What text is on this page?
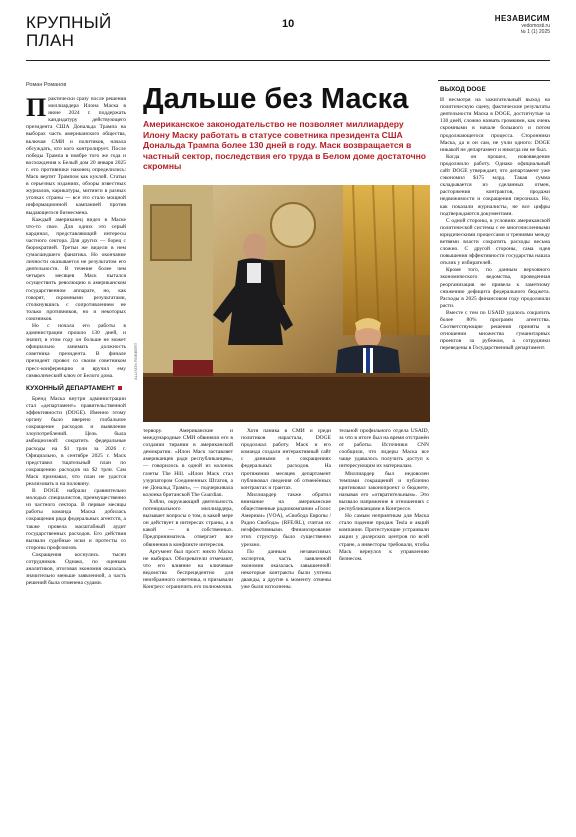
КРУПНЫЙ
ПЛАН
10	НЕЗАВИСИМ
vedomosti.ru
№ 1 (1) 2025
Роман Романов	Дальше без Маска
Американское законодательство не позволяет миллиардеру Илону Маску работать в статусе советника президента США Дональда Трампа более 130 дней в году. Маск возвращается в частный сектор, последствия его труда в Белом доме достаточно скромны
ALLISON ROBBERT

Практически сразу после решения миллиардера Илона Маска в июне 2024 г. поддержать кандидатуру действующего президента США Дональда Трампа на выборах часть американского общества, включая СМИ и политиков, начала обсуждать, кто кого контролирует. После победы Трампа в ноябре того же года и восхождения к Белый дом 20 января 2025 г. его противники наконец определились: Маск вертит Трампом как куклой. Статьи в серьезных изданиях, обзоры известных журналов, карикатуры, митинги в разных уголках страны — все это стало мощной информационной кампанией против выдающегося бизнесмена.

Каждый американец видел в Маске что-то свое. Для одних это серый кардинал, представляющий интересы частного сектора. Для других — борец с бюрократией. Третьи же видели в нем сумасшедшего фанатика. Но окончание личности оказывается не результатом его деятельности. В течение более чем четырех месяцев Маск пытался осуществить революцию в американском государственном аппарате, но, как говорят, скромными результатами, столкнувшись с сопротивлением не только противников, но и некоторых союзников.

Но с ночала его работы в администрации прошло 130 дней, и значит, в этом году он больше не может официально занимать должность советника президента. В финале президент провел со своим советником пресс-конференцию и вручил ему символический ключ от Белого дома.

КУХОННЫЙ ДЕПАРТАМЕНТ

Бренд Маска внутри администрации стал «департамент» правительственной эффективности (DOGE). Именно этому органу было вверено глобальное сокращение расходов и выявление злоупотреблений. Цель была амбициозной: сократить федеральные расходы на $1 трлн за 2026 г. Официально, в сентябре 2025 г. Маск представил тщательный план по сокращению расходов на $2 трлн. Сам Маск признавал, что план не удастся реализовать и на половину.

В DOGE набрали сравнительно молодых специалистов, преимущественно из частного сектора. В первые месяцы работы команда Маска добилась сокращения ряда федеральных агентств, а также провела масштабный аудит государственных расходов. Его действия вызвали судебные иски и протесты со стороны профсоюзов.

Сокращения коснулись тысяч сотрудников. Однако, по оценкам аналитиков, итоговая экономия оказалась значительно меньше заявленной, а часть решений была отменена судами.

тервору. Американские и международные СМИ обвиняли его в создании тирании в американской демократии. «Илон Маск заставляет американцев ради республиканцев», — говорилось в одной из колонок газеты The Hill. «Илон Маск стал узурпатором Соединенных Штатов, а не Дональд Трамп», — подчеркивала колонка британской The Guardian.

Хэйли, окружающий деятельность потенциального миллиардера, вызывает вопросы о том, в какой мере он действует в интересах страны, а в какой — в собственных. Предприниматель отвергает все обвинения в конфликте интересов.

Аргумент был прост: никто Маска не выбирал. Обозреватели отмечают, что его влияние на ключевые ведомства беспрецедентно для неизбранного советника, и призывали Конгресс ограничить его полномочия.

Хотя паника в СМИ и среди политиков нарастала, DOGE продолжал работу. Маск и его команда создали интерактивный сайт с данными о сокращениях федеральных расходов. На протяжении месяцев департамент публиковал сведения об отменённых контрактах и грантах.

Миллиардер также обратил внимание на американские общественные радиокомпании «Голос Америки» (VOA), «Свобода Европы / Радио Свобода» (RFE/RL), считая их неэффективными. Финансирование этих структур было существенно урезано.

По данным независимых экспертов, часть заявленной экономии оказалась завышенной: некоторые контракты были учтены дважды, а другие к моменту отмены уже были исполнены.

тельной профильного отдела USAID, за что в итоге был на время отстранён от работы. Источники CNN сообщили, что лидеры Маска все чаще удавалось получить доступ к интересующим их материалам.

Миллиардер был недоволен темпами сокращений и публично критиковал законопроект о бюджете, называя его «отвратительным». Это вызвало напряжение в отношениях с республиканцами в Конгрессе.

Но самым неприятным для Маска стало падение продаж Tesla и акций компании. Протестующие устраивали акции у дилерских центров по всей стране, а инвесторы требовали, чтобы Маск вернулся к управлению бизнесом.

ВЫХОД DOGE

И несмотря на зажигательный выход на политическую сцену, фактические результаты деятельности Маска в DOGE, достигнутые за 130 дней, сложно назвать громкими, как очень скромными в начале большого и потом продолжающегося процесса. Сторонники Маска, да и он сам, не учли одного: DOGE никакой не департамент и никогда им не был.

Когда он прошел, нововведение продолжило работу. Однако официальный сайт DOGE утверждает, что департамент уже сэкономил $175 млрд. Такая сумма складывается из сделанных отмен, расторжения контрактов, продажи недвижимости и сокращения персонала. Но, как показали журналисты, не все цифры подтверждаются документами.

С одной стороны, в условиях американской политической системы с ее многочисленными юридическими процессами и трениями между ветвями власти сократить расходы весьма сложно. С другой стороны, сама идея повышения эффективности государства нашла отклик у избирателей.

Кроме того, по данным верховного экономического ведомства, проведенная реорганизация не привела к заметному снижению дефицита федерального бюджета. Расходы в 2025 финансовом году продолжили расти.

Вместе с тем по USAID удалось сократить более 80% программ агентства. Соответствующие решения приняты в отношении множества гуманитарных проектов за рубежом, а сотрудники переведены в Государственный департамент.
